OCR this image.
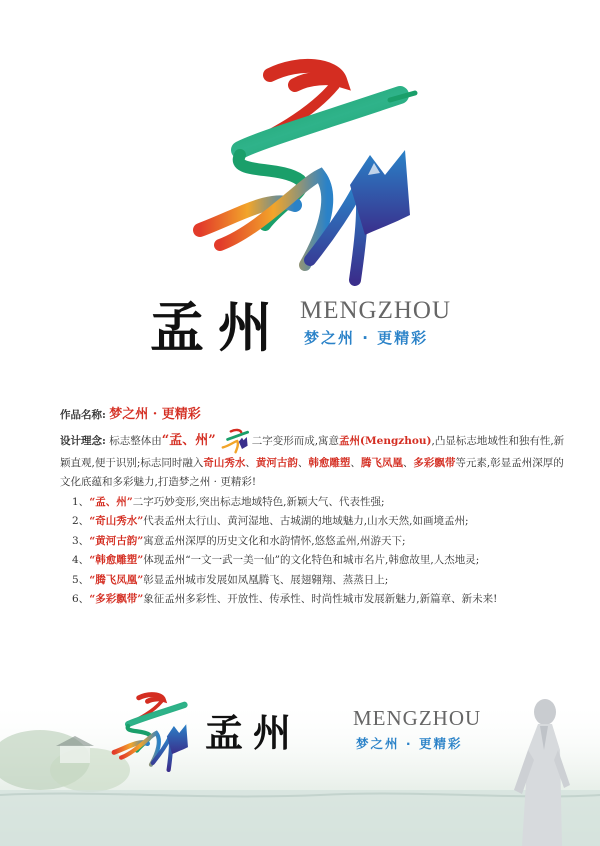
孟州 MENGZHOU
梦之州 · 更精彩
作品名称: 梦之州 · 更精彩
设计理念: 标志整体由“孟、州”	二字变形而成,寓意孟州(Mengzhou),凸显标志地域性和独有性,新颖直观,便于识别;标志同时融入奇山秀水、黄河古韵、韩愈雕塑、腾飞凤凰、多彩飘带等元素,彰显孟州深厚的文化底蕴和多彩魅力,打造梦之州 · 更精彩!
1、“孟、州”二字巧妙变形,突出标志地域特色,新颖大气、代表性强;
2、“奇山秀水”代表孟州太行山、黄河湿地、古城湖的地域魅力,山水天然,如画境孟州;
3、“黄河古韵”寓意孟州深厚的历史文化和水韵情怀,悠悠孟州,州游天下;
4、“韩愈雕塑”体现孟州“一文一武一美一仙”的文化特色和城市名片,韩愈故里,人杰地灵;
5、“腾飞凤凰”彰显孟州城市发展如凤凰腾飞、展翅翱翔、蒸蒸日上;
6、“多彩飘带”象征孟州多彩性、开放性、传承性、时尚性城市发展新魅力,新篇章、新未来!
孟州 MENGZHOU
梦之州 · 更精彩
